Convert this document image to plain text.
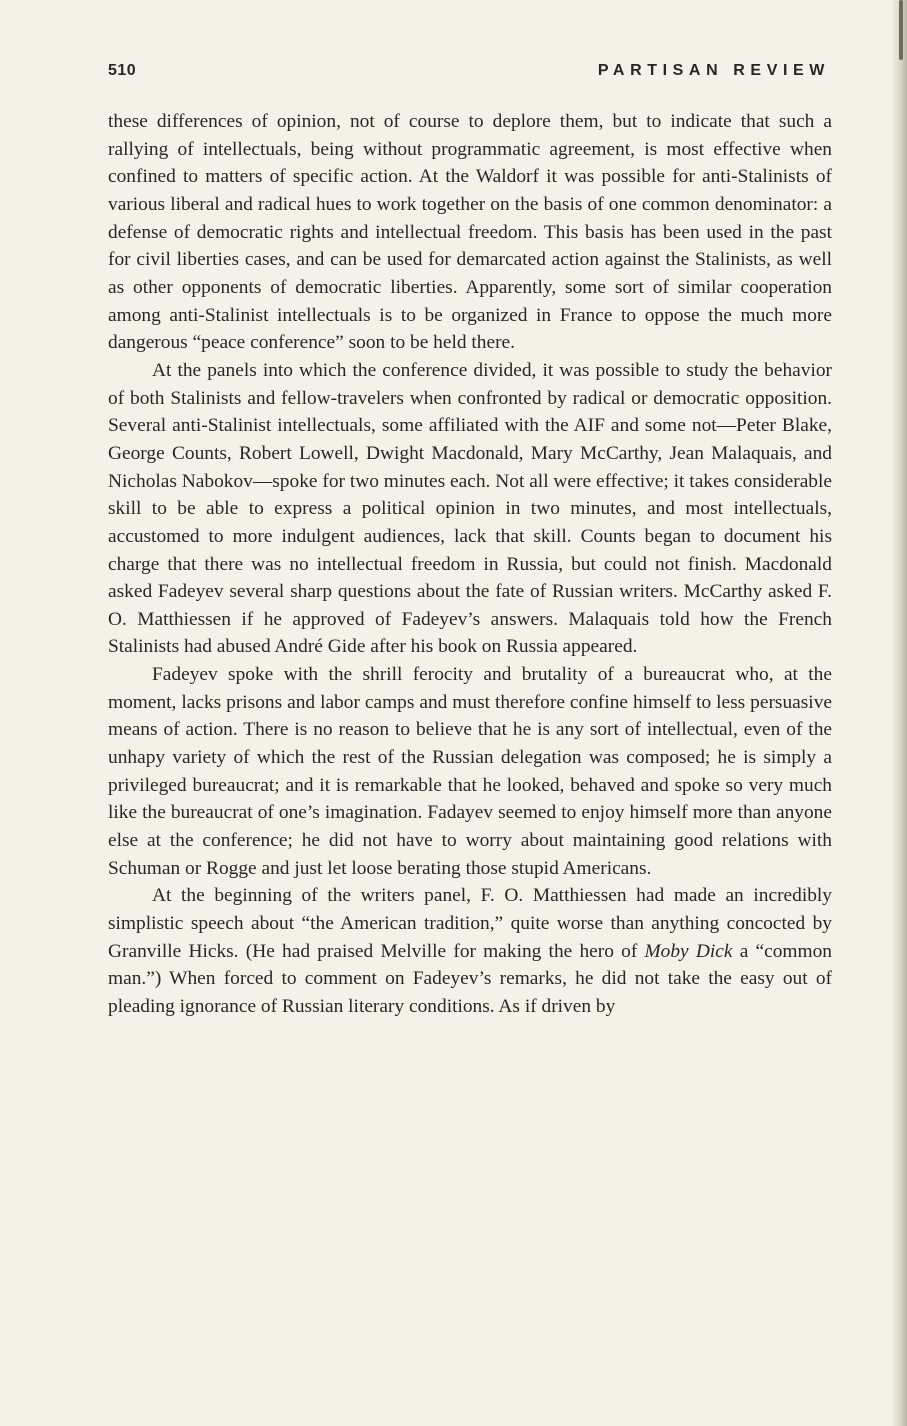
510	PARTISAN REVIEW

these differences of opinion, not of course to deplore them, but to indicate that such a rallying of intellectuals, being without programmatic agreement, is most effective when confined to matters of specific action. At the Waldorf it was possible for anti-Stalinists of various liberal and radical hues to work together on the basis of one common denominator: a defense of democratic rights and intellectual freedom. This basis has been used in the past for civil liberties cases, and can be used for demarcated action against the Stalinists, as well as other opponents of democratic liberties. Apparently, some sort of similar cooperation among anti-Stalinist intellectuals is to be organized in France to oppose the much more dangerous “peace conference” soon to be held there.

At the panels into which the conference divided, it was possible to study the behavior of both Stalinists and fellow-travelers when confronted by radical or democratic opposition. Several anti-Stalinist intellectuals, some affiliated with the AIF and some not—Peter Blake, George Counts, Robert Lowell, Dwight Macdonald, Mary McCarthy, Jean Malaquais, and Nicholas Nabokov—spoke for two minutes each. Not all were effective; it takes considerable skill to be able to express a political opinion in two minutes, and most intellectuals, accustomed to more indulgent audiences, lack that skill. Counts began to document his charge that there was no intellectual freedom in Russia, but could not finish. Macdonald asked Fadeyev several sharp questions about the fate of Russian writers. McCarthy asked F. O. Matthiessen if he approved of Fadeyev’s answers. Malaquais told how the French Stalinists had abused André Gide after his book on Russia appeared.

Fadeyev spoke with the shrill ferocity and brutality of a bureaucrat who, at the moment, lacks prisons and labor camps and must therefore confine himself to less persuasive means of action. There is no reason to believe that he is any sort of intellectual, even of the unhapy variety of which the rest of the Russian delegation was composed; he is simply a privileged bureaucrat; and it is remarkable that he looked, behaved and spoke so very much like the bureaucrat of one’s imagination. Fadayev seemed to enjoy himself more than anyone else at the conference; he did not have to worry about maintaining good relations with Schuman or Rogge and just let loose berating those stupid Americans.

At the beginning of the writers panel, F. O. Matthiessen had made an incredibly simplistic speech about “the American tradition,” quite worse than anything concocted by Granville Hicks. (He had praised Melville for making the hero of Moby Dick a “common man.”) When forced to comment on Fadeyev’s remarks, he did not take the easy out of pleading ignorance of Russian literary conditions. As if driven by
